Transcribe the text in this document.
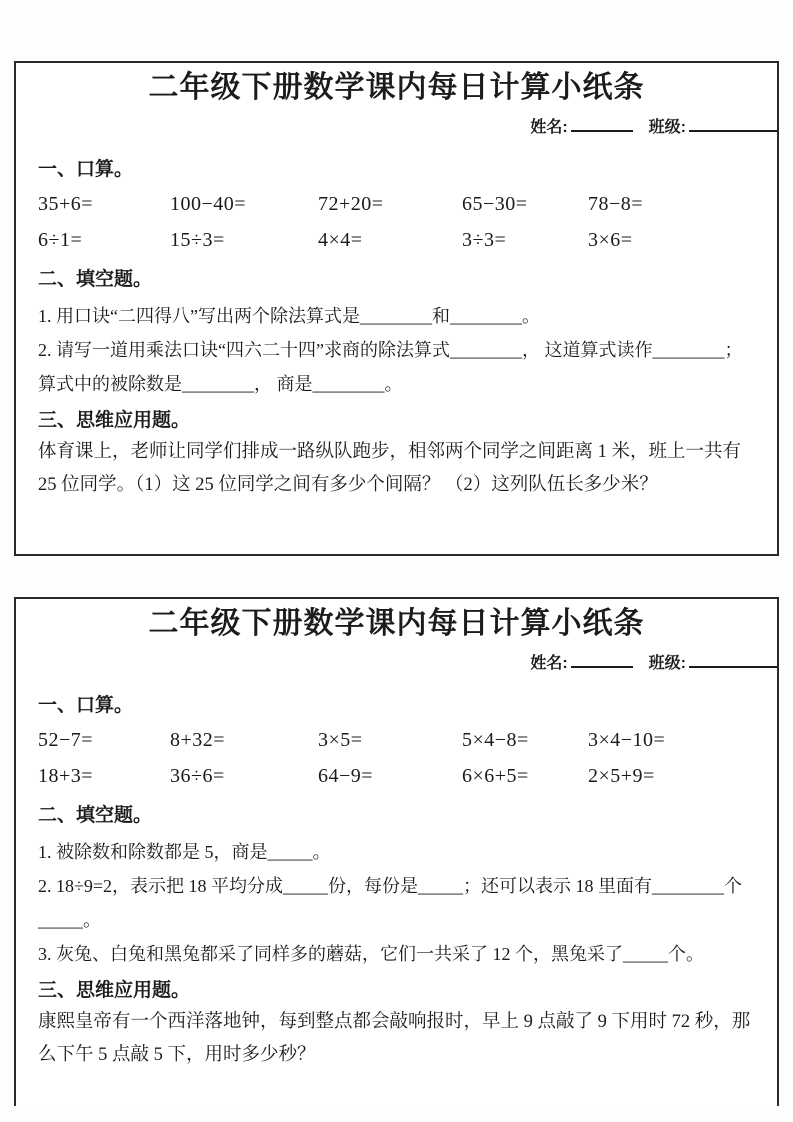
二年级下册数学课内每日计算小纸条
姓名:	班级:
一、口算。
35+6=	100−40=	72+20=	65−30=	78−8=
6÷1=	15÷3=	4×4=	3÷3=	3×6=
二、填空题。

1. 用口诀“二四得八”写出两个除法算式是________和________。

2. 请写一道用乘法口诀“四六二十四”求商的除法算式________， 这道算式读作________； 算式中的被除数是________， 商是________。

三、思维应用题。

体育课上，老师让同学们排成一路纵队跑步，相邻两个同学之间距离 1 米，班上一共有 25 位同学。（1）这 25 位同学之间有多少个间隔？ （2）这列队伍长多少米？

二年级下册数学课内每日计算小纸条
姓名:	班级:
一、口算。
52−7=	8+32=	3×5=	5×4−8=	3×4−10=
18+3=	36÷6=	64−9=	6×6+5=	2×5+9=
二、填空题。

1. 被除数和除数都是 5，商是_____。

2. 18÷9=2，表示把 18 平均分成_____份，每份是_____；还可以表示 18 里面有________个_____。

3. 灰兔、白兔和黑兔都采了同样多的蘑菇，它们一共采了 12 个，黑兔采了_____个。

三、思维应用题。

康熙皇帝有一个西洋落地钟，每到整点都会敲响报时，早上 9 点敲了 9 下用时 72 秒，那么下午 5 点敲 5 下，用时多少秒？
